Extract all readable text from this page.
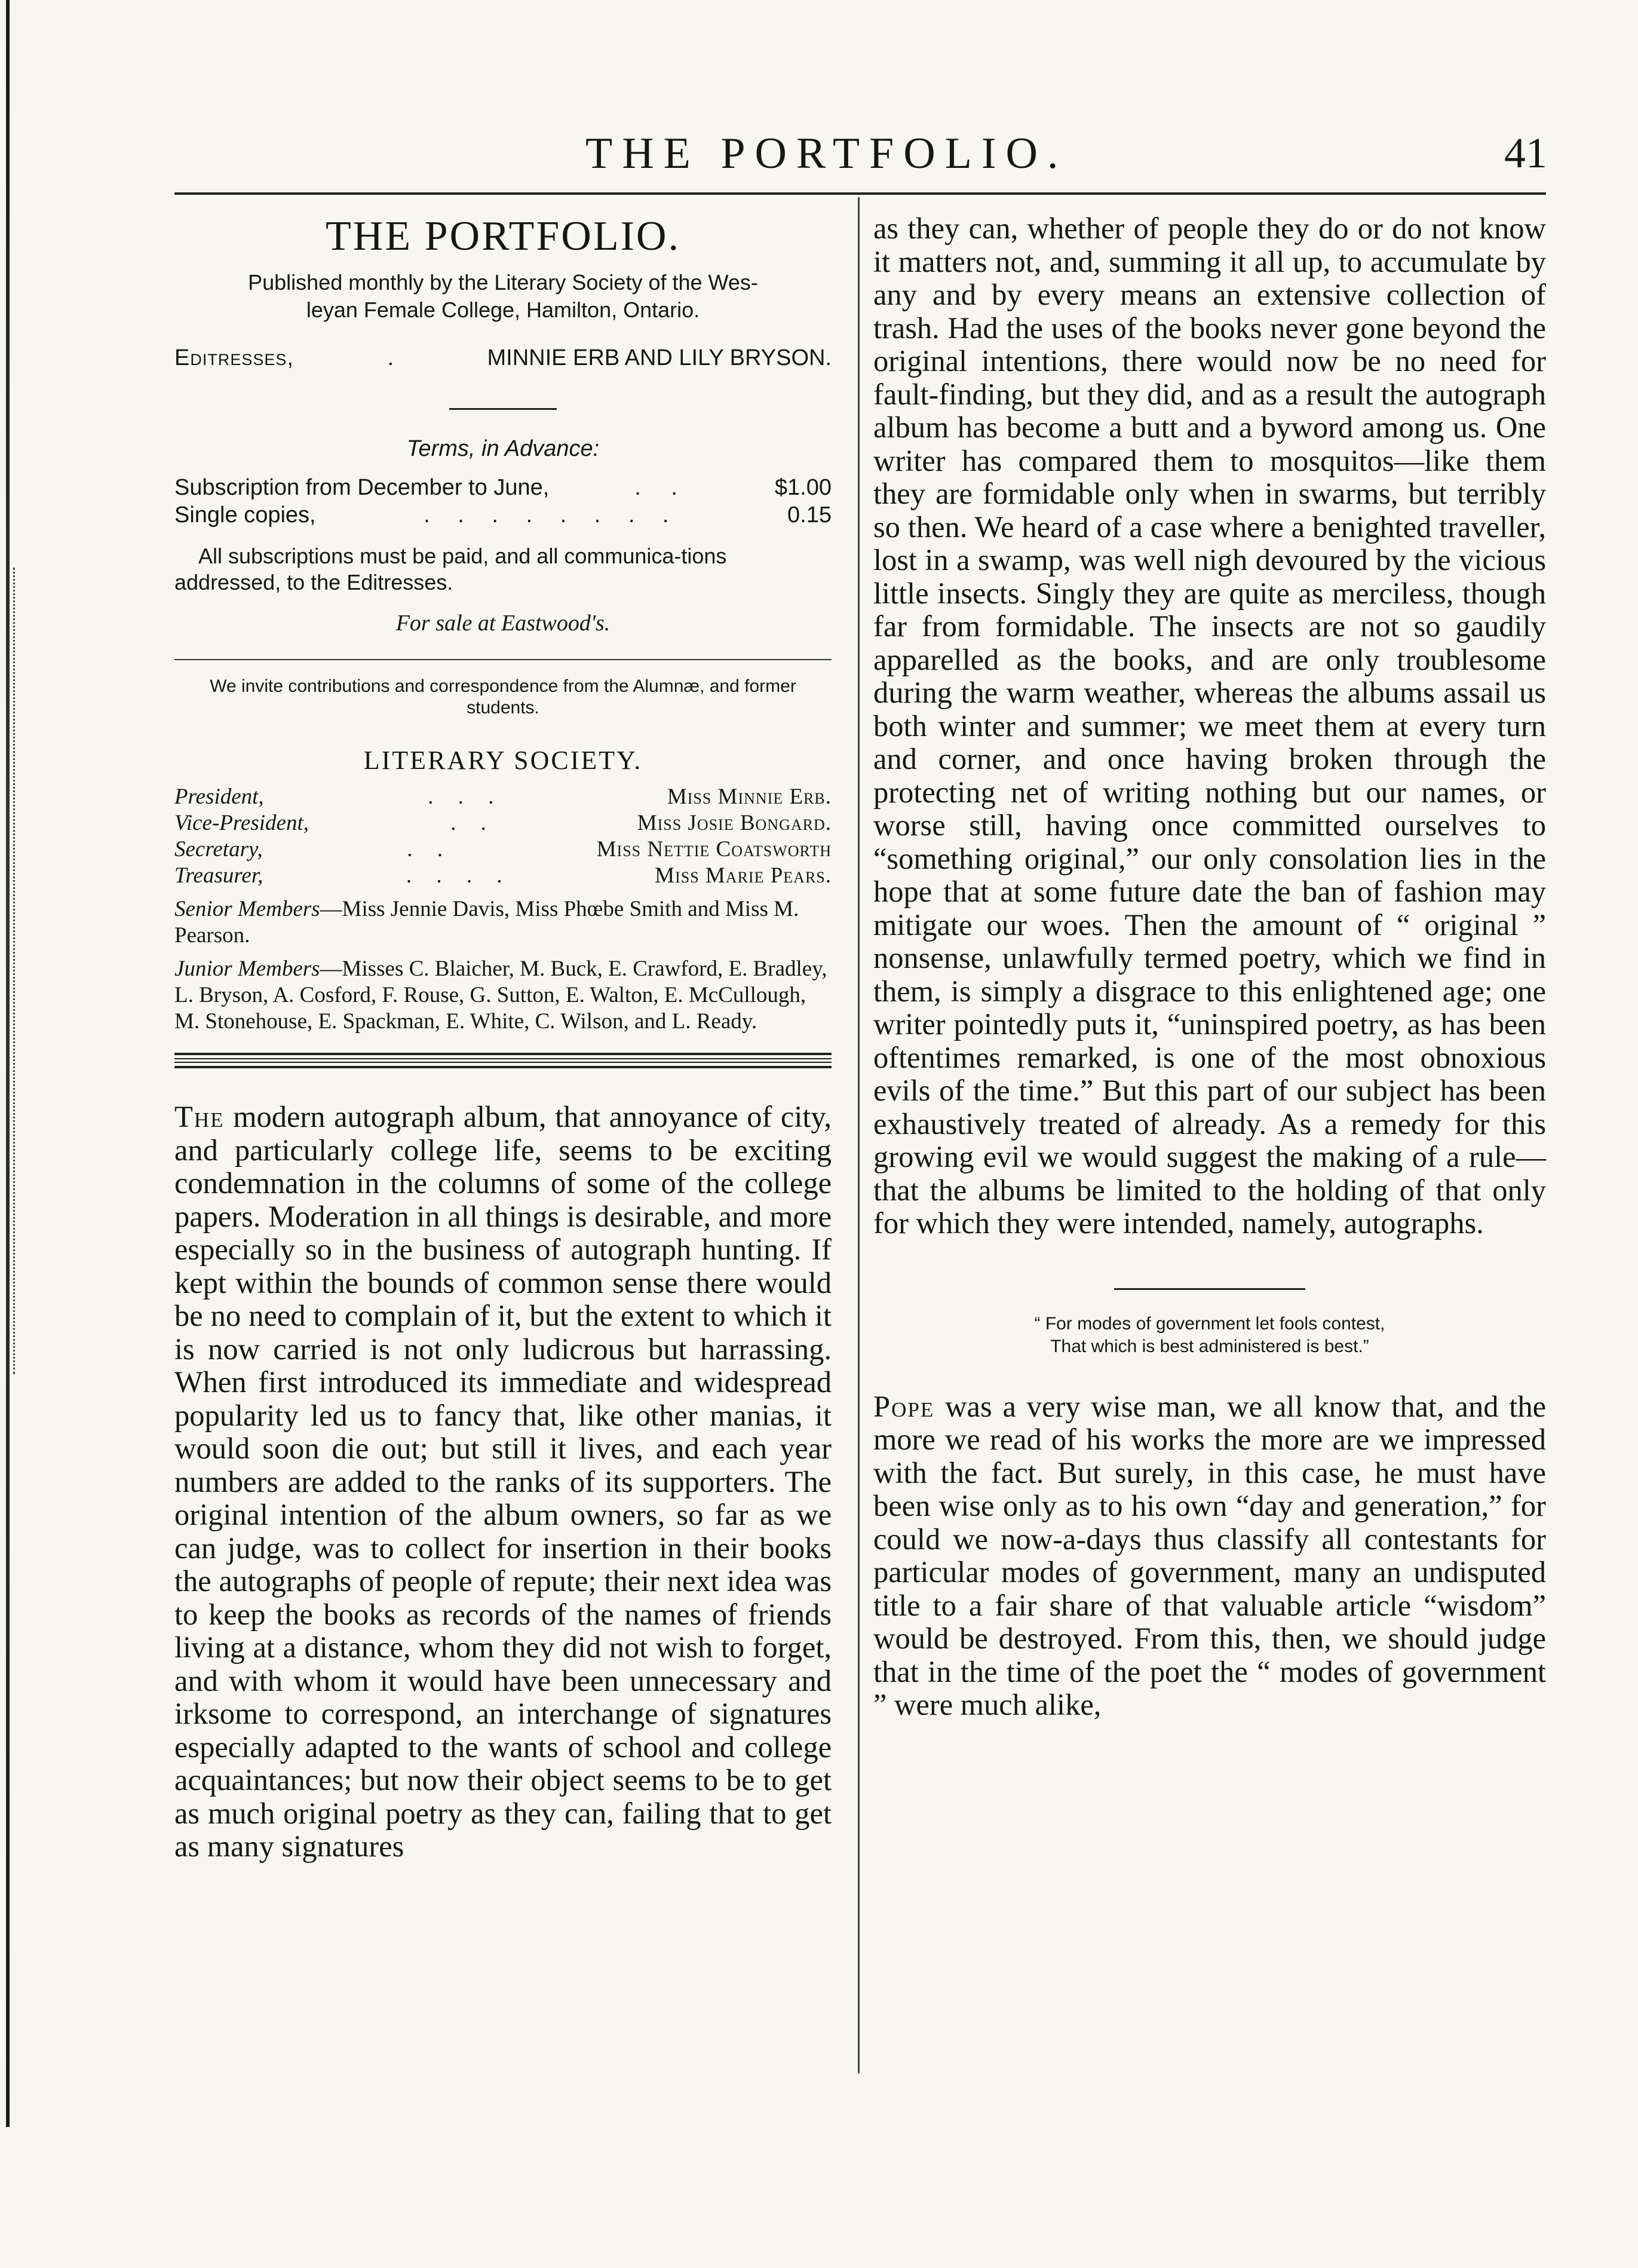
THE PORTFOLIO.	41
THE PORTFOLIO.
Published monthly by the Literary Society of the Wes-
leyan Female College, Hamilton, Ontario.
Editresses,	.	MINNIE ERB AND LILY BRYSON.
Terms, in Advance:
Subscription from December to June,	. .	$1.00
Single copies,	. . . . . . . .	0.15
All subscriptions must be paid, and all communica-tions addressed, to the Editresses.
For sale at Eastwood's.
We invite contributions and correspondence from the Alumnæ, and former students.
LITERARY SOCIETY.
President,	. . .	Miss Minnie Erb.
Vice-President,	. .	Miss Josie Bongard.
Secretary,	. .	Miss Nettie Coatsworth
Treasurer,	. . . .	Miss Marie Pears.
Senior Members—Miss Jennie Davis, Miss Phœbe Smith and Miss M. Pearson.
Junior Members—Misses C. Blaicher, M. Buck, E. Crawford, E. Bradley, L. Bryson, A. Cosford, F. Rouse, G. Sutton, E. Walton, E. McCullough, M. Stonehouse, E. Spackman, E. White, C. Wilson, and L. Ready.
The modern autograph album, that annoyance of city, and particularly college life, seems to be exciting condemnation in the columns of some of the college papers. Moderation in all things is desirable, and more especially so in the business of autograph hunting. If kept within the bounds of common sense there would be no need to complain of it, but the extent to which it is now carried is not only ludicrous but harrassing. When first introduced its immediate and widespread popularity led us to fancy that, like other manias, it would soon die out; but still it lives, and each year numbers are added to the ranks of its supporters. The original intention of the album owners, so far as we can judge, was to collect for insertion in their books the autographs of people of repute; their next idea was to keep the books as records of the names of friends living at a distance, whom they did not wish to forget, and with whom it would have been unnecessary and irksome to correspond, an interchange of signatures especially adapted to the wants of school and college acquaintances; but now their object seems to be to get as much original poetry as they can, failing that to get as many signatures
as they can, whether of people they do or do not know it matters not, and, summing it all up, to accumulate by any and by every means an extensive collection of trash. Had the uses of the books never gone beyond the original intentions, there would now be no need for fault-finding, but they did, and as a result the autograph album has become a butt and a byword among us. One writer has compared them to mosquitos—like them they are formidable only when in swarms, but terribly so then. We heard of a case where a benighted traveller, lost in a swamp, was well nigh devoured by the vicious little insects. Singly they are quite as merciless, though far from formidable. The insects are not so gaudily apparelled as the books, and are only troublesome during the warm weather, whereas the albums assail us both winter and summer; we meet them at every turn and corner, and once having broken through the protecting net of writing nothing but our names, or worse still, having once committed ourselves to “something original,” our only consolation lies in the hope that at some future date the ban of fashion may mitigate our woes. Then the amount of “ original ” nonsense, unlawfully termed poetry, which we find in them, is simply a disgrace to this enlightened age; one writer pointedly puts it, “uninspired poetry, as has been oftentimes remarked, is one of the most obnoxious evils of the time.” But this part of our subject has been exhaustively treated of already. As a remedy for this growing evil we would suggest the making of a rule—that the albums be limited to the holding of that only for which they were intended, namely, autographs.
“ For modes of government let fools contest,
That which is best administered is best.”
Pope was a very wise man, we all know that, and the more we read of his works the more are we impressed with the fact. But surely, in this case, he must have been wise only as to his own “day and generation,” for could we now-a-days thus classify all contestants for particular modes of government, many an undisputed title to a fair share of that valuable article “wisdom” would be destroyed. From this, then, we should judge that in the time of the poet the “ modes of government ” were much alike,
